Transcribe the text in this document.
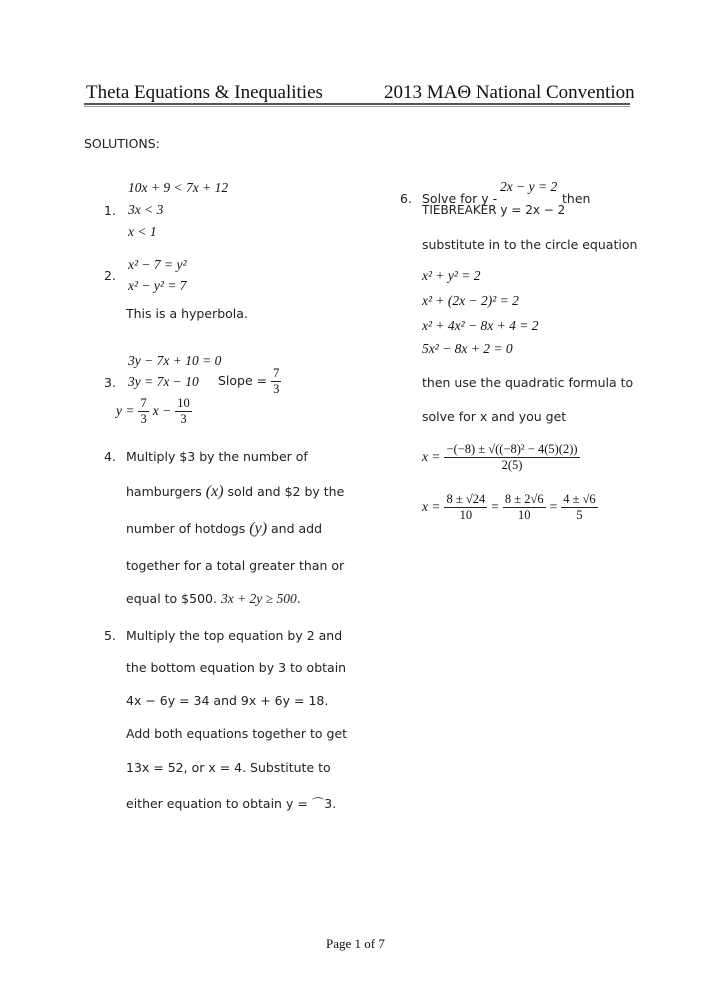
Theta Equations & Inequalities	2013 MAΘ National Convention
SOLUTIONS:
10x + 9 < 7x + 12
1. 3x < 3
x < 1
x² − 7 = y²
2.
x² − y² = 7
This is a hyperbola.
3y − 7x + 10 = 0
3. 3y = 7x − 10 Slope = $\frac{7}{3}$
$y = \frac{7}{3}$ $x - \frac{10}{3}$
4. Multiply $3 by the number of
hamburgers (x) sold and $2 by the
number of hotdogs (y) and add
together for a total greater than or
equal to $500. 3x + 2y ≥ 500.
5. Multiply the top equation by 2 and
the bottom equation by 3 to obtain
4x − 6y = 34 and 9x + 6y = 18.
Add both equations together to get
13x = 52, or x = 4. Substitute to
either equation to obtain y = ⌒3.
2x − y = 2
6. Solve for y -	then
TIEBREAKER y = 2x − 2
substitute in to the circle equation
x² + y² = 2
x² + (2x − 2)² = 2
x² + 4x² − 8x + 4 = 2
5x² − 8x + 2 = 0
then use the quadratic formula to
solve for x and you get
$x = \frac{\text{−(−8) ± √((−8)² − 4(5)(2))}}{2(5)}$
$x = \frac{8 \pm √24}{10} = \frac{8 \pm 2√6}{10} = \frac{4 \pm √6}{5}$
Page 1 of 7
